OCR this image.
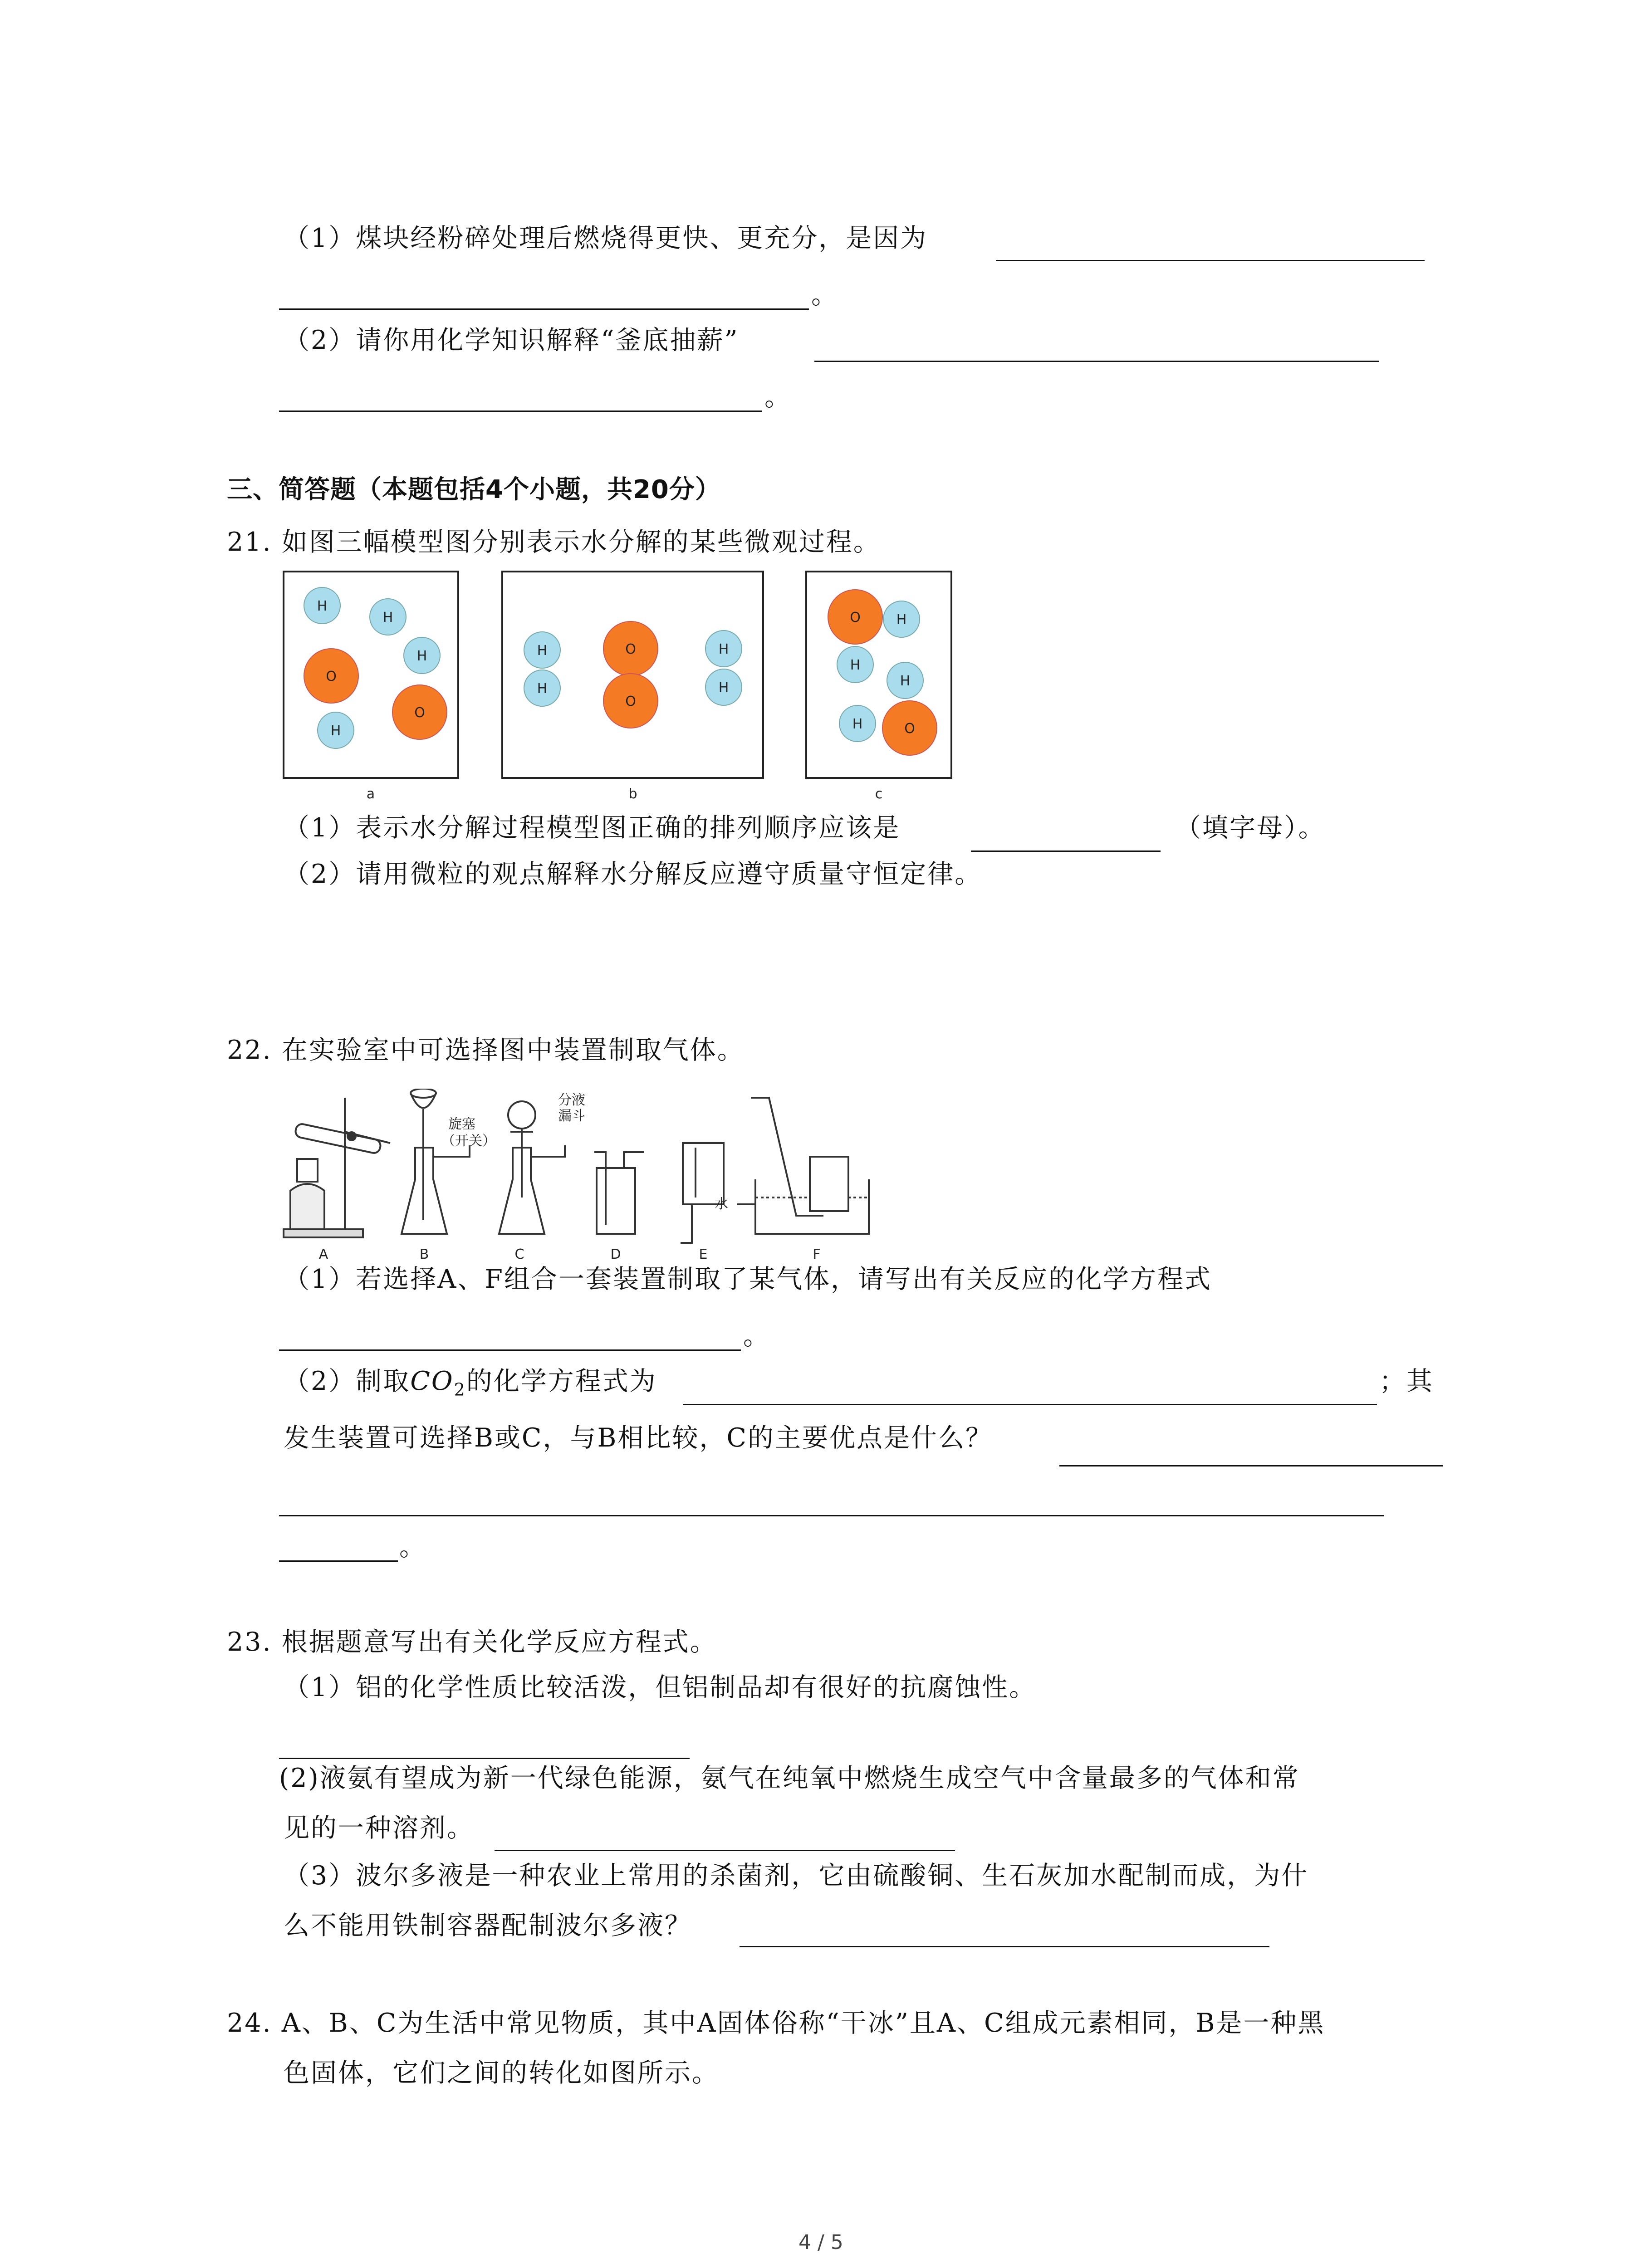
（1）煤块经粉碎处理后燃烧得更快、更充分，是因为
。
（2）请你用化学知识解释“釜底抽薪”
。
三、简答题（本题包括4个小题，共20分）
21. 如图三幅模型图分别表示水分解的某些微观过程。
H
H
H
O
O
H
a
H
H
O
O
H
H
b
O	H
H
H
H	O
c
（1）表示水分解过程模型图正确的排列顺序应该是	（填字母）。
（2）请用微粒的观点解释水分解反应遵守质量守恒定律。
22. 在实验室中可选择图中装置制取气体。
A	B	C
旋塞
（开关）
分液
漏斗
D	E
水
F
（1）若选择A、F组合一套装置制取了某气体，请写出有关反应的化学方程式
。
（2）制取$CO_2$的化学方程式为	；其
发生装置可选择B或C，与B相比较，C的主要优点是什么？
。
23. 根据题意写出有关化学反应方程式。
（1）铝的化学性质比较活泼，但铝制品却有很好的抗腐蚀性。
(2)液氨有望成为新一代绿色能源，氨气在纯氧中燃烧生成空气中含量最多的气体和常
见的一种溶剂。
（3）波尔多液是一种农业上常用的杀菌剂，它由硫酸铜、生石灰加水配制而成，为什
么不能用铁制容器配制波尔多液？
24. A、B、C为生活中常见物质，其中A固体俗称“干冰”且A、C组成元素相同，B是一种黑
色固体，它们之间的转化如图所示。
4 / 5
